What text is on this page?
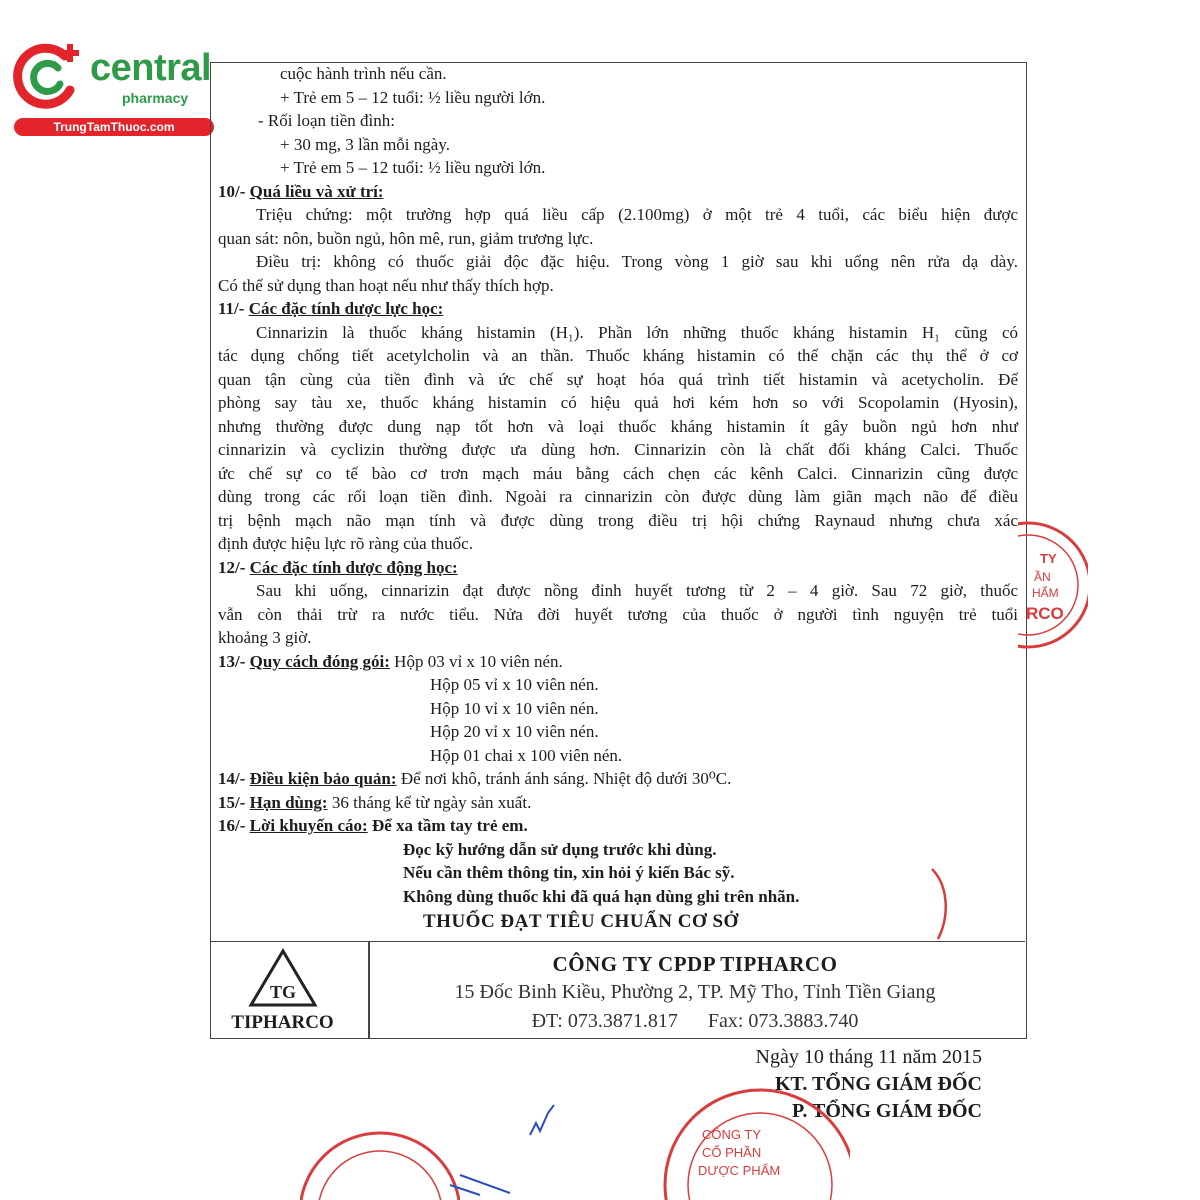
central
pharmacy
TrungTamThuoc.com

cuộc hành trình nếu cần.

+ Trẻ em 5 – 12 tuổi: ½ liều người lớn.

- Rối loạn tiền đình:

+ 30 mg, 3 lần mỗi ngày.

+ Trẻ em 5 – 12 tuổi: ½ liều người lớn.

10/- Quá liều và xử trí:

Triệu chứng: một trường hợp quá liều cấp (2.100mg) ở một trẻ 4 tuổi, các biểu hiện được

quan sát: nôn, buồn ngủ, hôn mê, run, giảm trương lực.

Điều trị: không có thuốc giải độc đặc hiệu. Trong vòng 1 giờ sau khi uống nên rửa dạ dày.

Có thể sử dụng than hoạt nếu như thấy thích hợp.

11/- Các đặc tính dược lực học:

Cinnarizin là thuốc kháng histamin (H₁). Phần lớn những thuốc kháng histamin H₁ cũng có

tác dụng chống tiết acetylcholin và an thần. Thuốc kháng histamin có thể chặn các thụ thể ở cơ

quan tận cùng của tiền đình và ức chế sự hoạt hóa quá trình tiết histamin và acetycholin. Để

phòng say tàu xe, thuốc kháng histamin có hiệu quả hơi kém hơn so với Scopolamin (Hyosin),

nhưng thường được dung nạp tốt hơn và loại thuốc kháng histamin ít gây buồn ngủ hơn như

cinnarizin và cyclizin thường được ưa dùng hơn. Cinnarizin còn là chất đối kháng Calci. Thuốc

ức chế sự co tế bào cơ trơn mạch máu bằng cách chẹn các kênh Calci. Cinnarizin cũng được

dùng trong các rối loạn tiền đình. Ngoài ra cinnarizin còn được dùng làm giãn mạch não để điều

trị bệnh mạch não mạn tính và được dùng trong điều trị hội chứng Raynaud nhưng chưa xác

định được hiệu lực rõ ràng của thuốc.

12/- Các đặc tính dược động học:

Sau khi uống, cinnarizin đạt được nồng đỉnh huyết tương từ 2 – 4 giờ. Sau 72 giờ, thuốc

vẫn còn thải trừ ra nước tiểu. Nửa đời huyết tương của thuốc ở người tình nguyện trẻ tuổi

khoảng 3 giờ.

13/- Quy cách đóng gói: Hộp 03 vỉ x 10 viên nén.

Hộp 05 vỉ x 10 viên nén.

Hộp 10 vỉ x 10 viên nén.

Hộp 20 vỉ x 10 viên nén.

Hộp 01 chai x 100 viên nén.

14/- Điều kiện bảo quản: Để nơi khô, tránh ánh sáng. Nhiệt độ dưới 30⁰C.

15/- Hạn dùng: 36 tháng kể từ ngày sản xuất.

16/- Lời khuyến cáo: Để xa tầm tay trẻ em.

Đọc kỹ hướng dẫn sử dụng trước khi dùng.

Nếu cần thêm thông tin, xin hỏi ý kiến Bác sỹ.

Không dùng thuốc khi đã quá hạn dùng ghi trên nhãn.

THUỐC ĐẠT TIÊU CHUẨN CƠ SỞ

TG
TIPHARCO
CÔNG TY CPDP TIPHARCO
15 Đốc Binh Kiều, Phường 2, TP. Mỹ Tho, Tỉnh Tiền Giang
ĐT: 073.3871.817 Fax: 073.3883.740
Ngày 10 tháng 11 năm 2015
KT. TỔNG GIÁM ĐỐC
P. TỔNG GIÁM ĐỐC
TY
ẦN
HẨM
RCO
CÔNG TY
CỔ PHẦN
DƯỢC PHẨM
